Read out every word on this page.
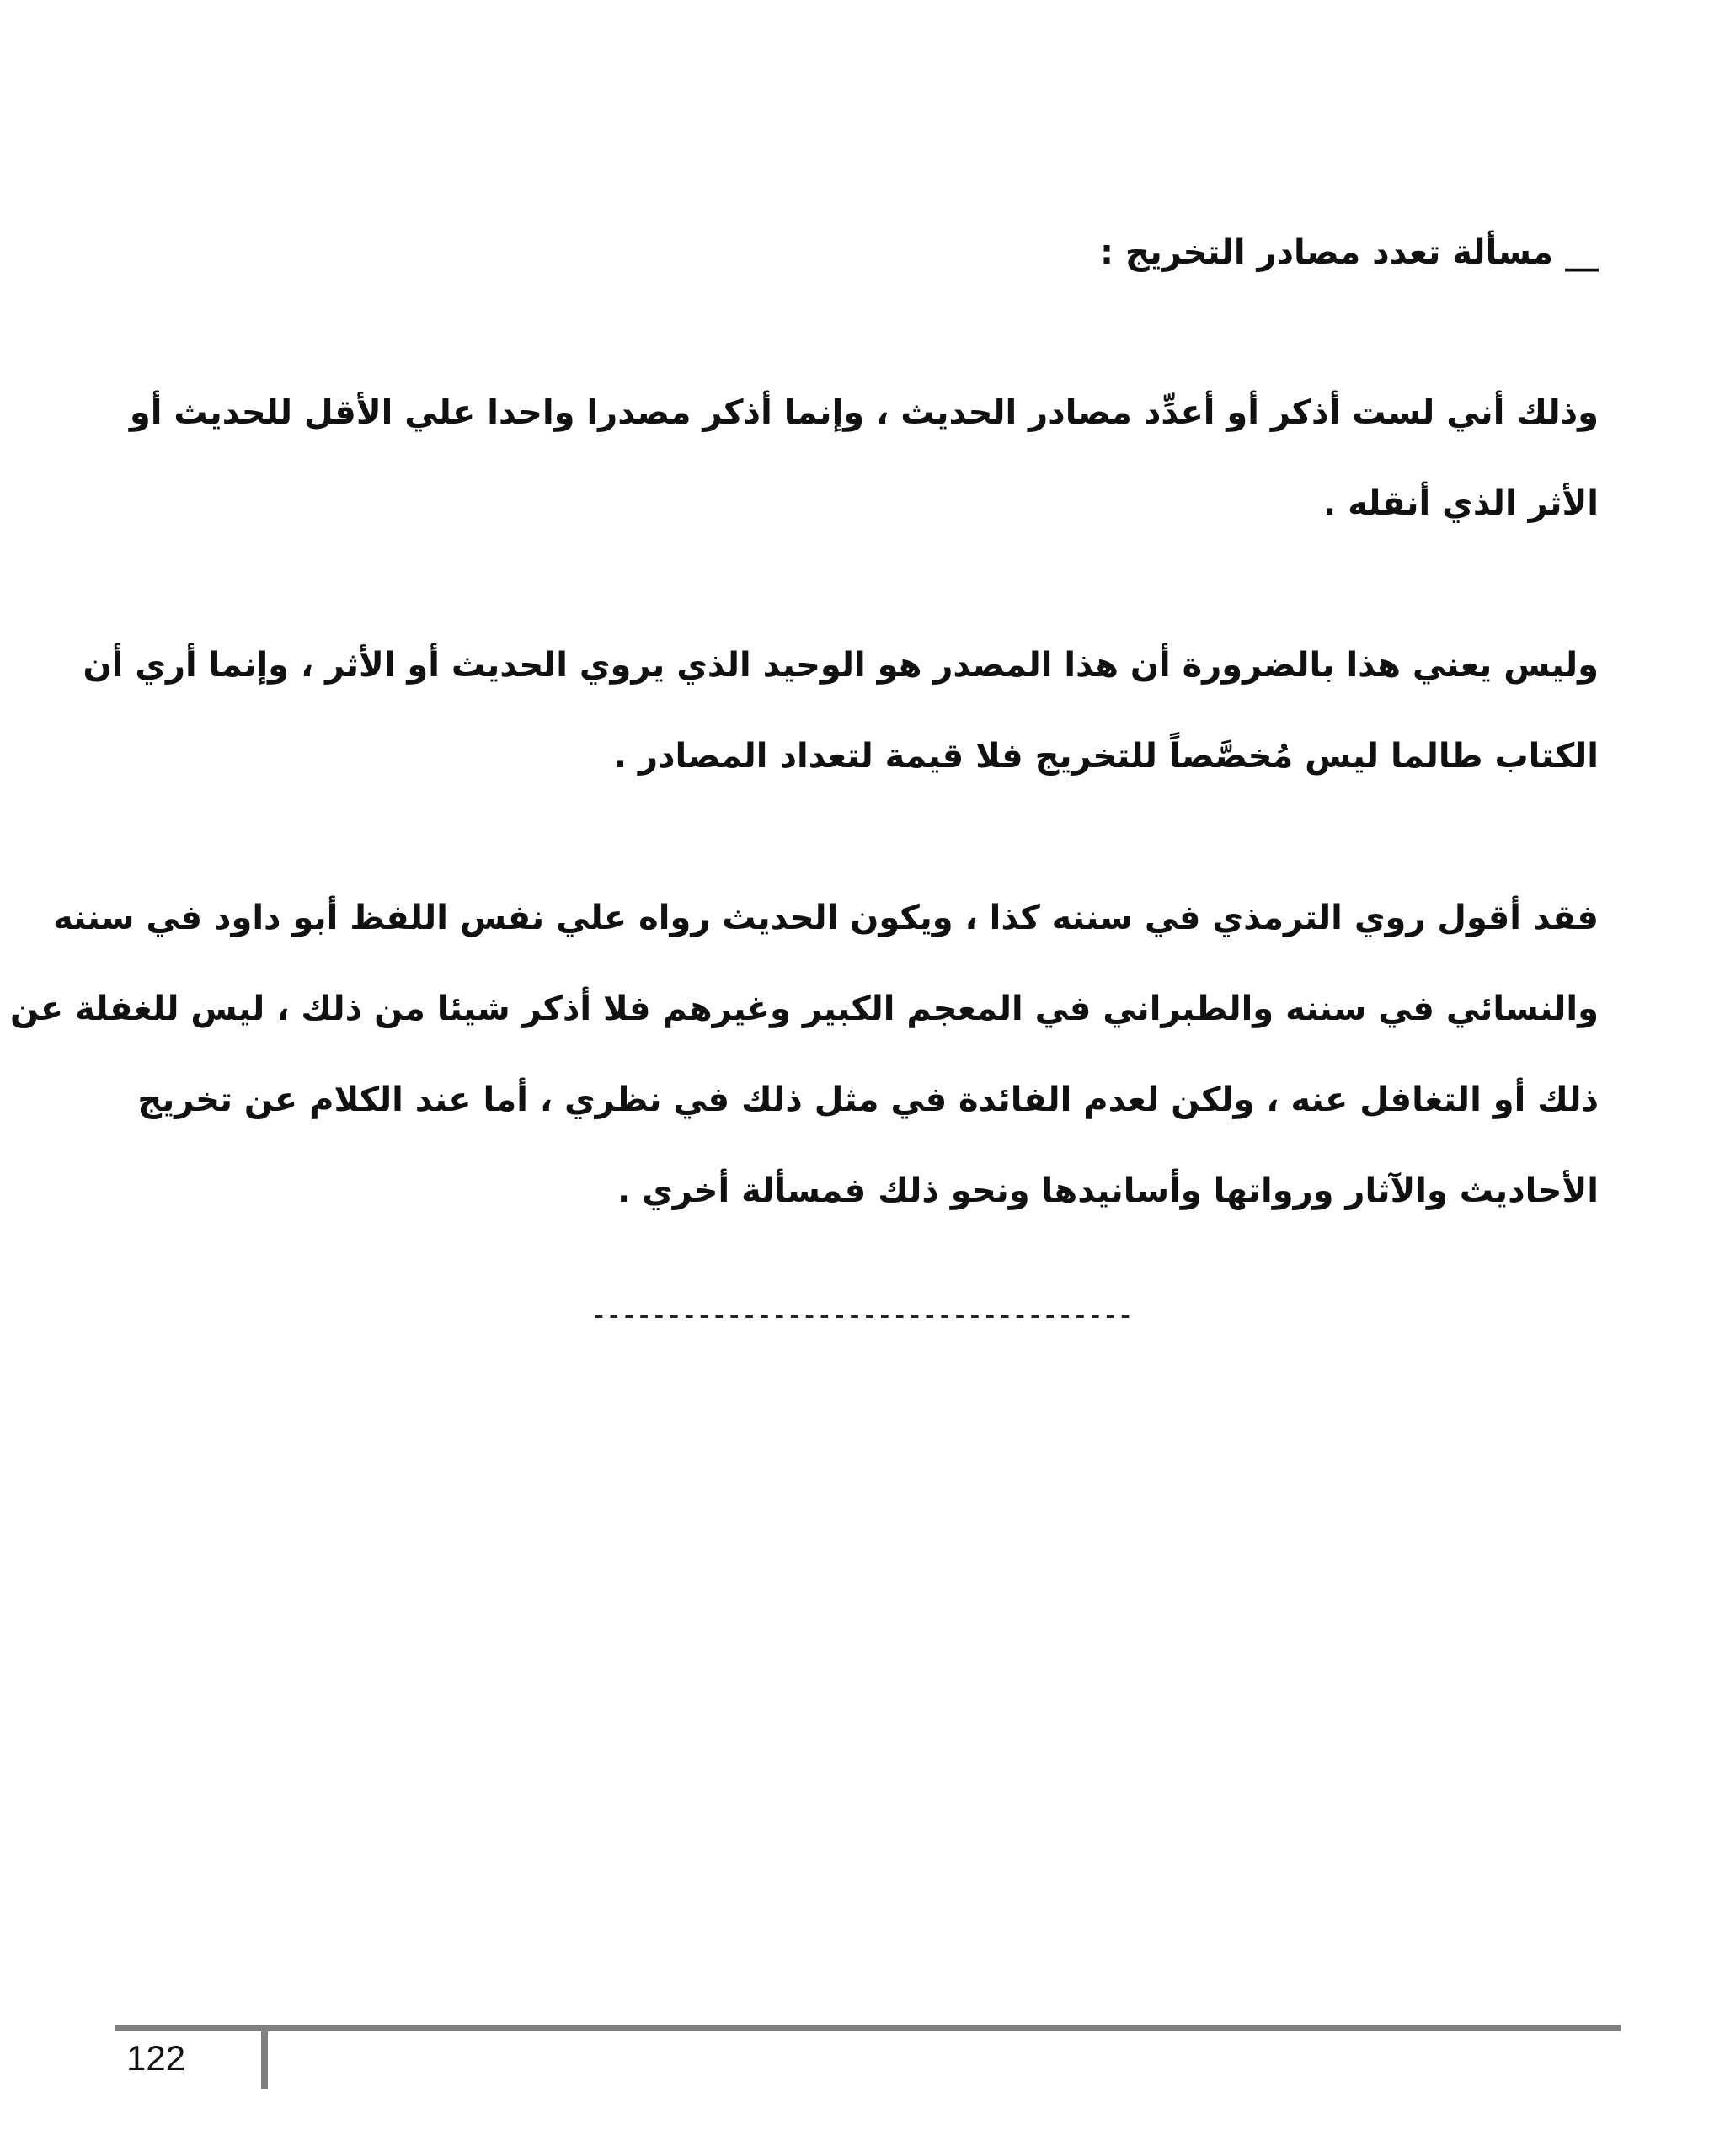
__ مسألة تعدد مصادر التخريج :
وذلك أني لست أذكر أو أعدِّد مصادر الحديث ، وإنما أذكر مصدرا واحدا علي الأقل للحديث أو
الأثر الذي أنقله .
وليس يعني هذا بالضرورة أن هذا المصدر هو الوحيد الذي يروي الحديث أو الأثر ، وإنما أري أن
الكتاب طالما ليس مُخصَّصاً للتخريج فلا قيمة لتعداد المصادر .
فقد أقول روي الترمذي في سننه كذا ، ويكون الحديث رواه علي نفس اللفظ أبو داود في سننه
والنسائي في سننه والطبراني في المعجم الكبير وغيرهم فلا أذكر شيئا من ذلك ، ليس للغفلة عن
ذلك أو التغافل عنه ، ولكن لعدم الفائدة في مثل ذلك في نظري ، أما عند الكلام عن تخريج
الأحاديث والآثار ورواتها وأسانيدها ونحو ذلك فمسألة أخري .
------------------------------------
122
